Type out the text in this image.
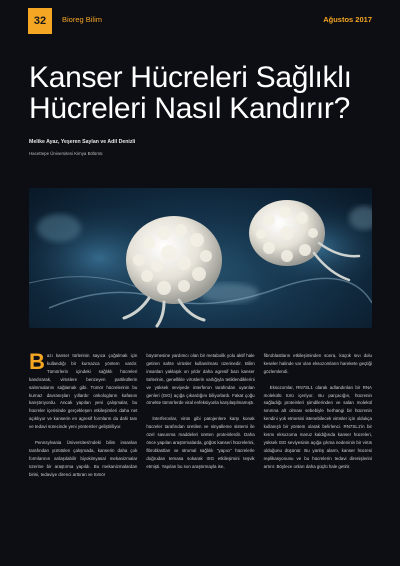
32	Bioreg Bilim	Ağustos 2017
Kanser Hücreleri Sağlıklı Hücreleri Nasıl Kandırır?
Melike Ayaz, Yeşeren Saylan ve Adil Denizli
Hacettepe Üniversitesi Kimya Bölümü

Bazı kanser türlerinin sayıca çoğalmak için kullandığı bir kurnazca yöntem vardır. Tümörlerin içindeki sağlıklı hücreleri kandırarak, virüslere benzeyen partiküllerin salınmalarını sağlamak gibi. Tümör hücrelerinin bu kurnaz davranışları yıllardır onkologların kafasını karıştırıyordu. Ancak yapılan yeni çalışmalar, bu hücreler içerisinde gerçekleşen etkileşimleri daha net açıklıyor ve kanserin en agresif formların da dahi tanı ve tedavi sürecinde yeni yöntemler geliştiriliyor.

Pennsylvania Üniversitesi'ndeki bilim insanları tarafından yürütülen çalışmada, kanserin daha çok formlarının anlaşılabilir biyokimyasal mekanizmalar üzerine bir araştırma yapıldı. Bu mekanizmalardan birisi, tedaviye direnci arttıran ve tümör

büyümesine yardımcı olan bir metabolik yolu aktif hale getiren sahte virüsler kullanılması üzerinedir. Bilim insanları yaklaşık on yıldır daha agresif bazı kanser türlerinin, genellikle virüslerin varlığıyla tetiklendiklerini ve yüksek seviyede interferon tarafından uyarılan genleri (ISG) açığa çıkardığını biliyorlardı. Fakat çoğu örnekte tümörlerde viral enfeksiyonla karşılaşılmamıştı.

İnterferonlar, virüs gibi patojenlere karşı konak hücreler tarafından üretilen ve sinyalleme sistemi ile özel savunma maddeleri üreten proteinlerdir. Daha önce yapılan araştırmalarda, göğüs kanseri hücrelerini, fibroblastları ve stromal sağlıklı "yapıcı" hücrelerle doğrudan temasa sokarak ISG etkileşimini teşvik etmişti. Yapılan bu son araştırmayla ise,

fibroblastların etkileşiminden sonra, küçük sıvı dolu keseler halinde var olan eksozomların harekete geçtiği gözlemlendi.

Eksozomlar, RN7SL1 olarak adlandırılan bir RNA molekülü türü içeriyor. Bu parçacığın, hücrenin sağladığı proteinleri şimdilerinden ve salan molekül sınırına alt olması sebebiyle herhangi bir hücrenin kendini yok etmesini istenebilecek virüsler için oldukça kullanışlı bir yöntem olarak belirlenci. RN7SL1'in bir kısmı eksozoma maruz kaldığında kanser hücreleri, yüksek ISG seviyesinin açığa çıkma nedeninin bir virüs olduğunu düşünür. Bu yanlış alarm, kanser hücresi replikasyonunu ve bu hücrelerin tedavi direnişlerini artırır. Böylece onları daha güçlü hale getirir.
